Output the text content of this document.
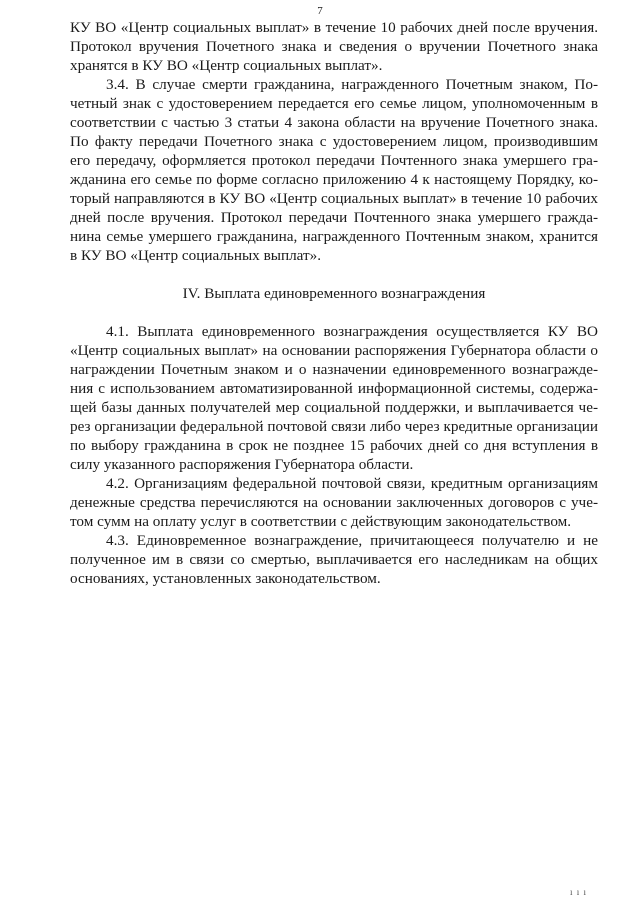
7

КУ ВО «Центр социальных выплат» в течение 10 рабочих дней после вручения. Протокол вручения Почетного знака и сведения о вручении Почетного знака хранятся в КУ ВО «Центр социальных выплат».

3.4. В случае смерти гражданина, награжденного Почетным знаком, Почетный знак с удостоверением передается его семье лицом, уполномоченным в соответствии с частью 3 статьи 4 закона области на вручение Почетного знака. По факту передачи Почетного знака с удостоверением лицом, производившим его передачу, оформляется протокол передачи Почтенного знака умершего гражданина его семье по форме согласно приложению 4 к настоящему Порядку, который направляются в КУ ВО «Центр социальных выплат» в течение 10 рабочих дней после вручения. Протокол передачи Почтенного знака умершего гражданина семье умершего гражданина, награжденного Почтенным знаком, хранится в КУ ВО «Центр социальных выплат».

IV. Выплата единовременного вознаграждения

4.1. Выплата единовременного вознаграждения осуществляется КУ ВО «Центр социальных выплат» на основании распоряжения Губернатора области о награждении Почетным знаком и о назначении единовременного вознаграждения с использованием автоматизированной информационной системы, содержащей базы данных получателей мер социальной поддержки, и выплачивается через организации федеральной почтовой связи либо через кредитные организации по выбору гражданина в срок не позднее 15 рабочих дней со дня вступления в силу указанного распоряжения Губернатора области.

4.2. Организациям федеральной почтовой связи, кредитным организациям денежные средства перечисляются на основании заключенных договоров с учетом сумм на оплату услуг в соответствии с действующим законодательством.

4.3. Единовременное вознаграждение, причитающееся получателю и не полученное им в связи со смертью, выплачивается его наследникам на общих основаниях, установленных законодательством.

ı ı ı
